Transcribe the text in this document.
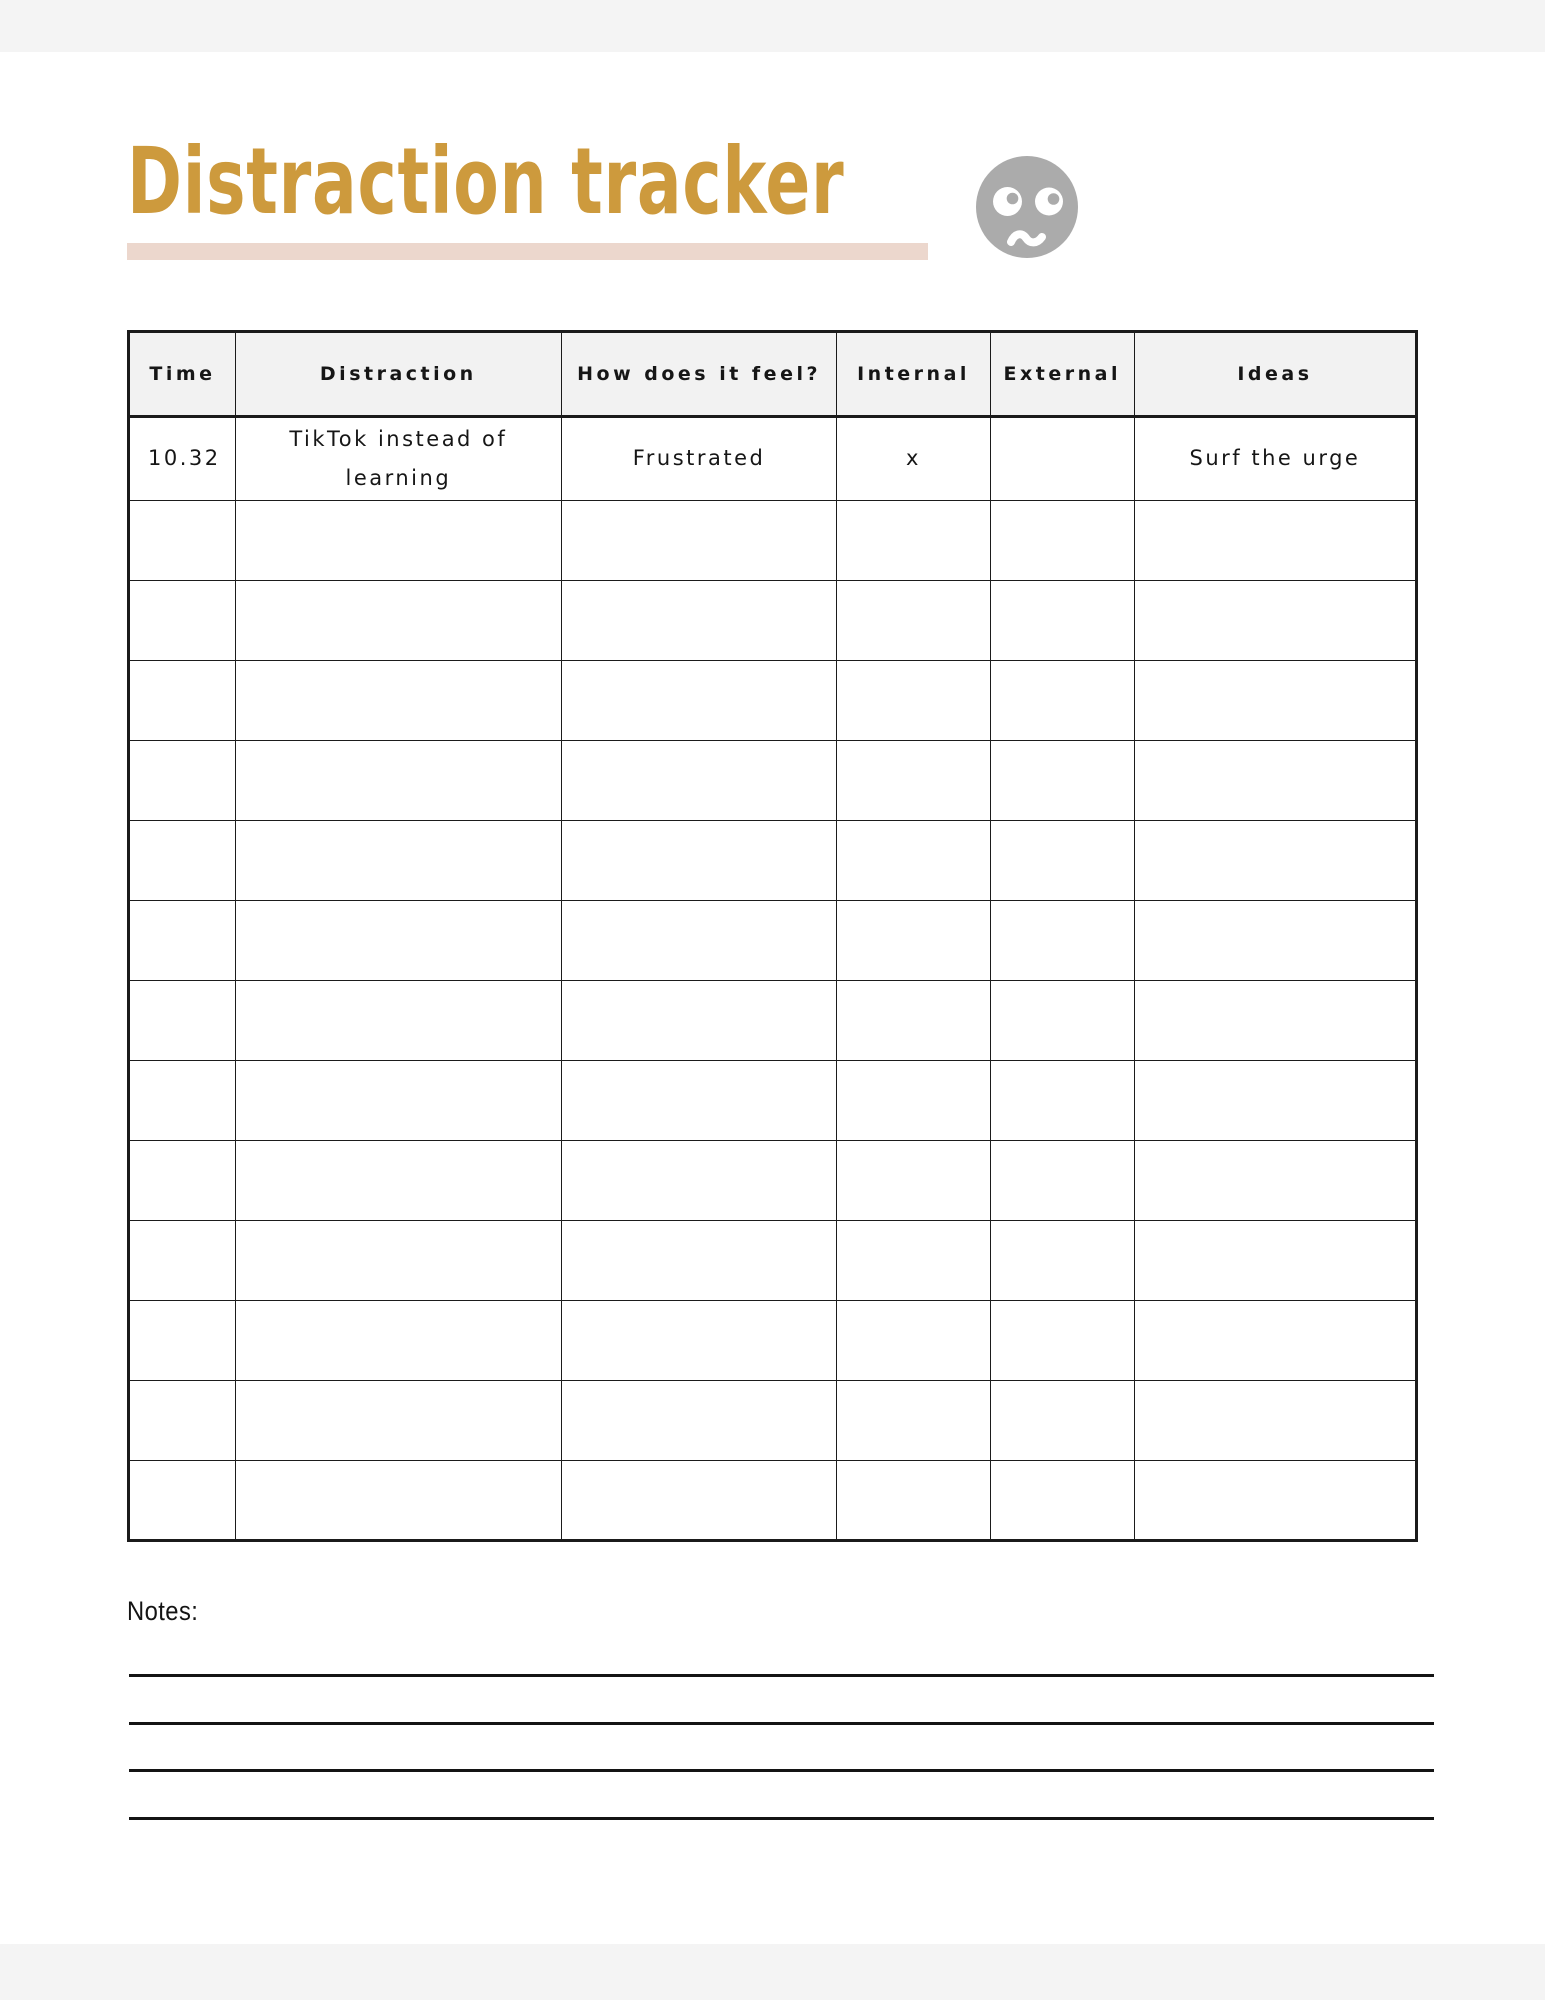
Distraction tracker
Time	Distraction	How does it feel?	Internal	External	Ideas
10.32	TikTok instead of learning	Frustrated	x		Surf the urge

Notes:
